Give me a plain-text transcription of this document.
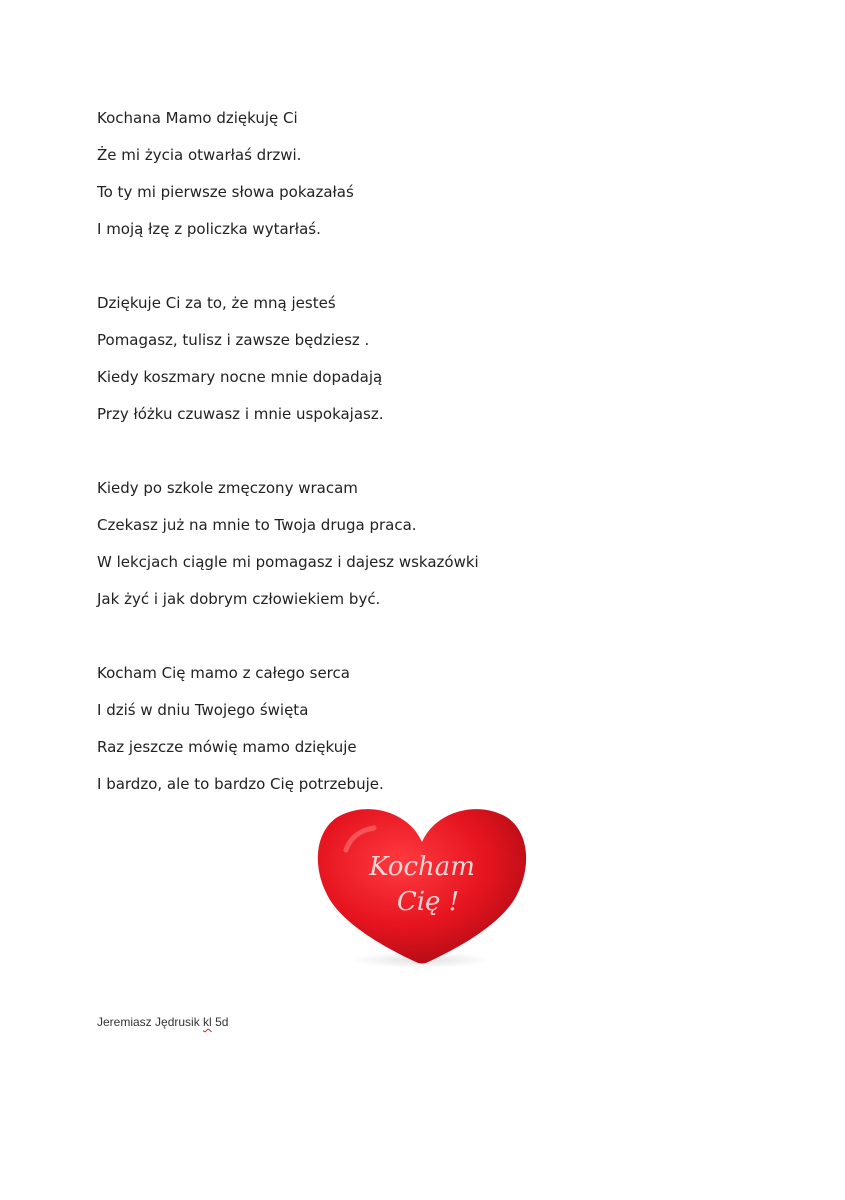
Kochana Mamo dziękuję Ci
Że mi życia otwarłaś drzwi.
To ty mi pierwsze słowa pokazałaś
I moją łzę z policzka wytarłaś.
Dziękuje Ci za to, że mną jesteś
Pomagasz, tulisz i zawsze będziesz .
Kiedy koszmary nocne mnie dopadają
Przy łóżku czuwasz i mnie uspokajasz.
Kiedy po szkole zmęczony wracam
Czekasz już na mnie to Twoja druga praca.
W lekcjach ciągle mi pomagasz i dajesz wskazówki
Jak żyć i jak dobrym człowiekiem być.
Kocham Cię mamo z całego serca
I dziś w dniu Twojego święta
Raz jeszcze mówię mamo dziękuje
I bardzo, ale to bardzo Cię potrzebuje.
Kocham
Cię !
Jeremiasz Jędrusik kl 5d
